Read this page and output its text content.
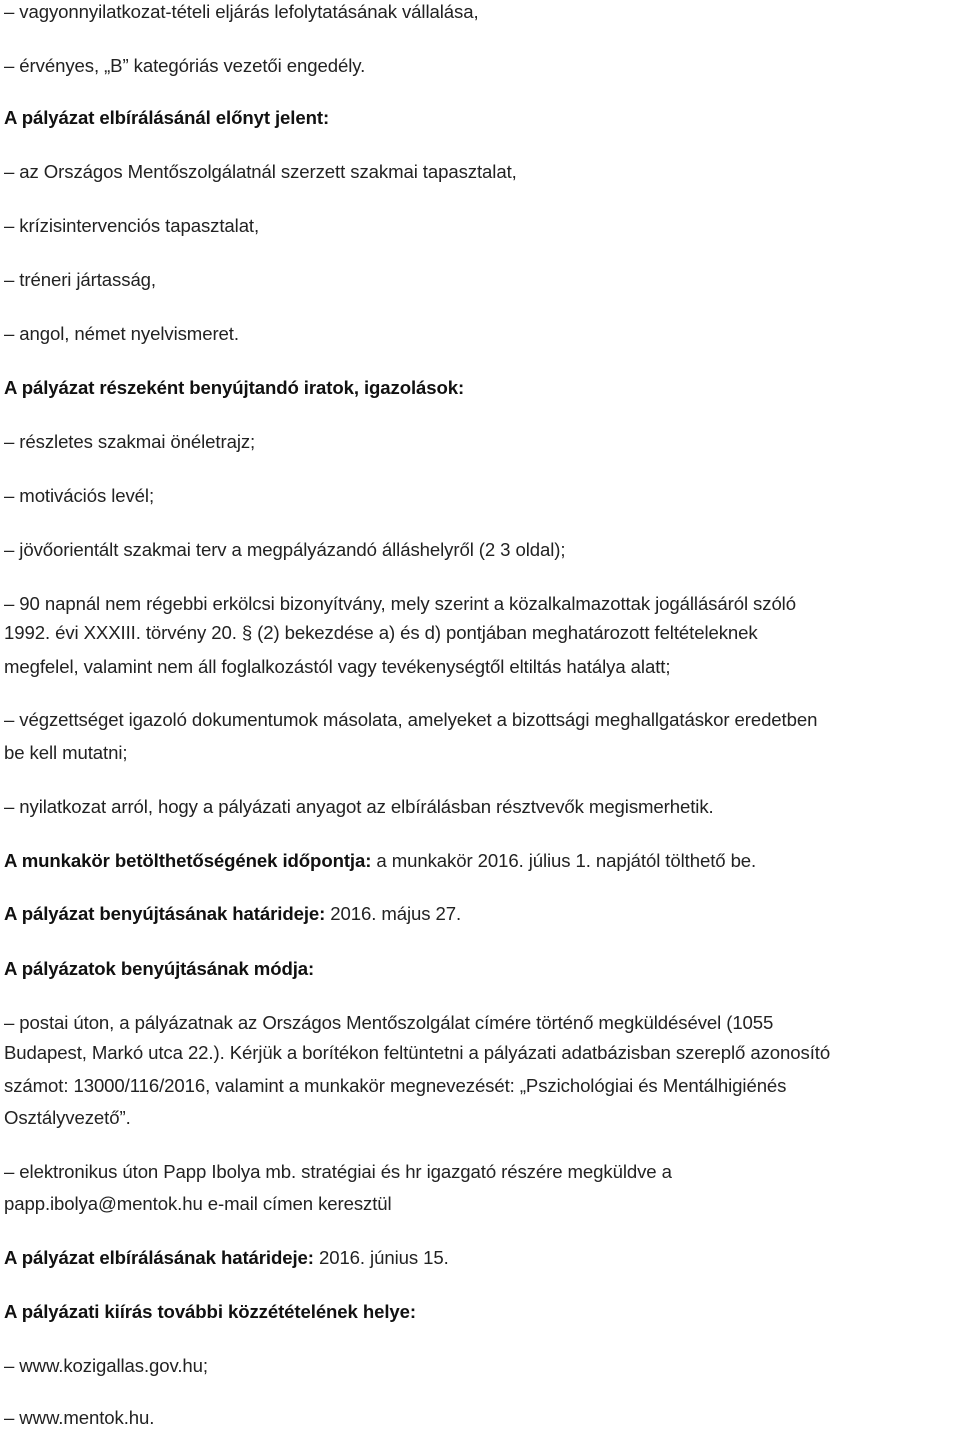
– vagyonnyilatkozat-tételi eljárás lefolytatásának vállalása,
– érvényes, „B” kategóriás vezetői engedély.
A pályázat elbírálásánál előnyt jelent:
– az Országos Mentőszolgálatnál szerzett szakmai tapasztalat,
– krízisintervenciós tapasztalat,
– tréneri jártasság,
– angol, német nyelvismeret.
A pályázat részeként benyújtandó iratok, igazolások:
– részletes szakmai önéletrajz;
– motivációs levél;
– jövőorientált szakmai terv a megpályázandó álláshelyről (2 3 oldal);
– 90 napnál nem régebbi erkölcsi bizonyítvány, mely szerint a közalkalmazottak jogállásáról szóló
1992. évi XXXIII. törvény 20. § (2) bekezdése a) és d) pontjában meghatározott feltételeknek
megfelel, valamint nem áll foglalkozástól vagy tevékenységtől eltiltás hatálya alatt;
– végzettséget igazoló dokumentumok másolata, amelyeket a bizottsági meghallgatáskor eredetben
be kell mutatni;
– nyilatkozat arról, hogy a pályázati anyagot az elbírálásban résztvevők megismerhetik.
A munkakör betölthetőségének időpontja: a munkakör 2016. július 1. napjától tölthető be.
A pályázat benyújtásának határideje: 2016. május 27.
A pályázatok benyújtásának módja:
– postai úton, a pályázatnak az Országos Mentőszolgálat címére történő megküldésével (1055
Budapest, Markó utca 22.). Kérjük a borítékon feltüntetni a pályázati adatbázisban szereplő azonosító
számot: 13000/116/2016, valamint a munkakör megnevezését: „Pszichológiai és Mentálhigiénés
Osztályvezető”.
– elektronikus úton Papp Ibolya mb. stratégiai és hr igazgató részére megküldve a
papp.ibolya@mentok.hu e-mail címen keresztül
A pályázat elbírálásának határideje: 2016. június 15.
A pályázati kiírás további közzétételének helye:
– www.kozigallas.gov.hu;
– www.mentok.hu.
